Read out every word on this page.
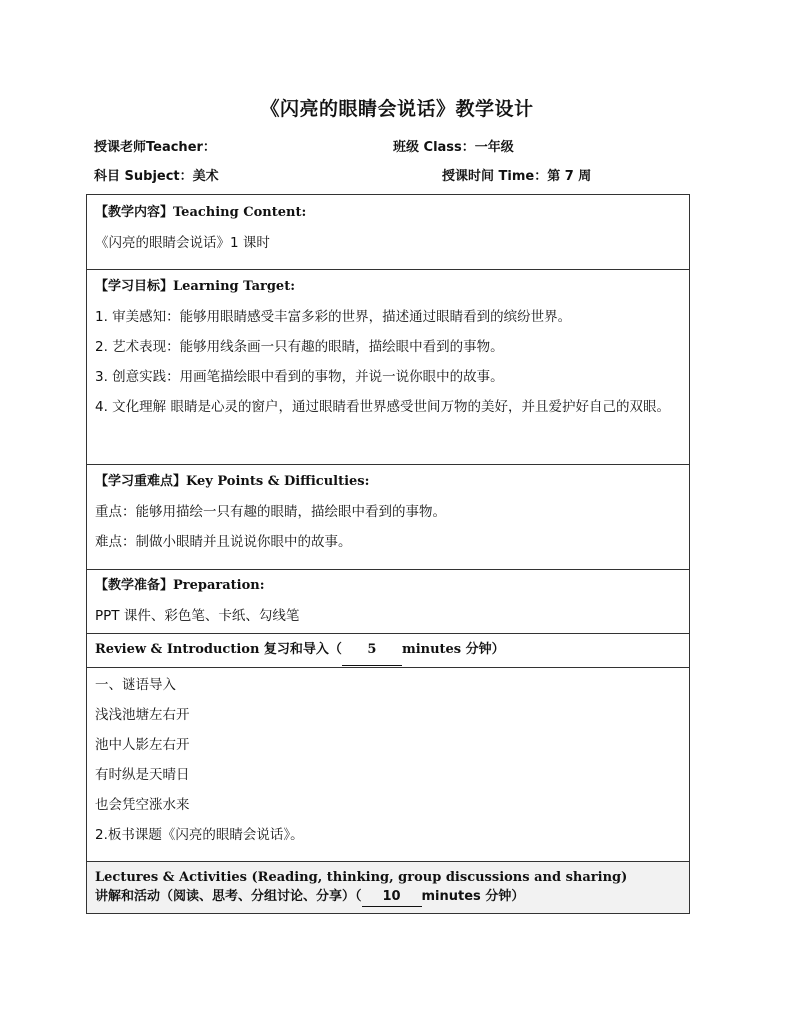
《闪亮的眼睛会说话》教学设计
授课老师Teacher：	班级 Class：一年级
科目 Subject：美术	授课时间 Time：第 7 周
【教学内容】Teaching Content:
《闪亮的眼睛会说话》1 课时
【学习目标】Learning Target:
1. 审美感知：能够用眼睛感受丰富多彩的世界，描述通过眼睛看到的缤纷世界。
2. 艺术表现：能够用线条画一只有趣的眼睛，描绘眼中看到的事物。
3. 创意实践：用画笔描绘眼中看到的事物，并说一说你眼中的故事。
4. 文化理解 眼睛是心灵的窗户，通过眼睛看世界感受世间万物的美好，并且爱护好自己的双眼。
【学习重难点】Key Points & Difficulties:
重点：能够用描绘一只有趣的眼睛，描绘眼中看到的事物。
难点：制做小眼睛并且说说你眼中的故事。
【教学准备】Preparation:
PPT 课件、彩色笔、卡纸、勾线笔
Review & Introduction 复习和导入（ 5 minutes 分钟）
一、谜语导入
浅浅池塘左右开
池中人影左右开
有时纵是天晴日
也会凭空涨水来
2.板书课题《闪亮的眼睛会说话》。
Lectures & Activities (Reading, thinking, group discussions and sharing)
讲解和活动（阅读、思考、分组讨论、分享）（ 10 minutes 分钟）
